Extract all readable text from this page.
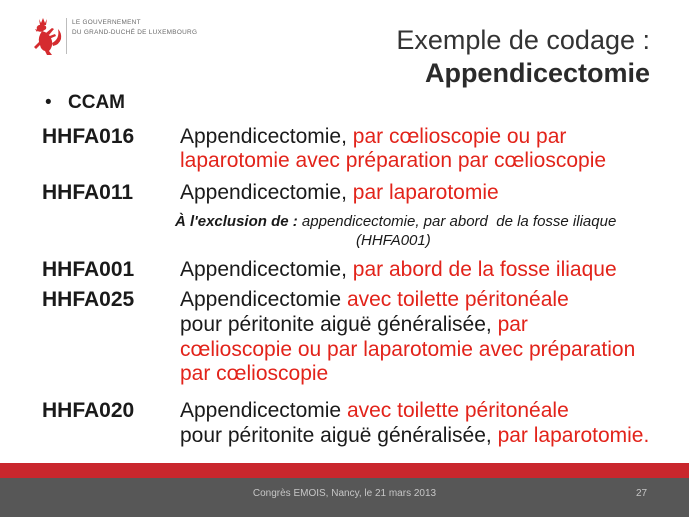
LE GOUVERNEMENT
DU GRAND-DUCHÉ DE LUXEMBOURG	Exemple de codage :
Appendicectomie
• CCAM
HHFA016 Appendicectomie, par cœlioscopie ou par
laparotomie avec préparation par cœlioscopie
HHFA011 Appendicectomie, par laparotomie
À l'exclusion de : appendicectomie, par abord  de la fosse iliaque
(HHFA001)
HHFA001 Appendicectomie, par abord de la fosse iliaque
HHFA025 Appendicectomie avec toilette péritonéale
pour péritonite aiguë généralisée, par
cœlioscopie ou par laparotomie avec préparation
par cœlioscopie
HHFA020 Appendicectomie avec toilette péritonéale
pour péritonite aiguë généralisée, par laparotomie.
Congrès EMOIS, Nancy, le 21 mars 2013	27
